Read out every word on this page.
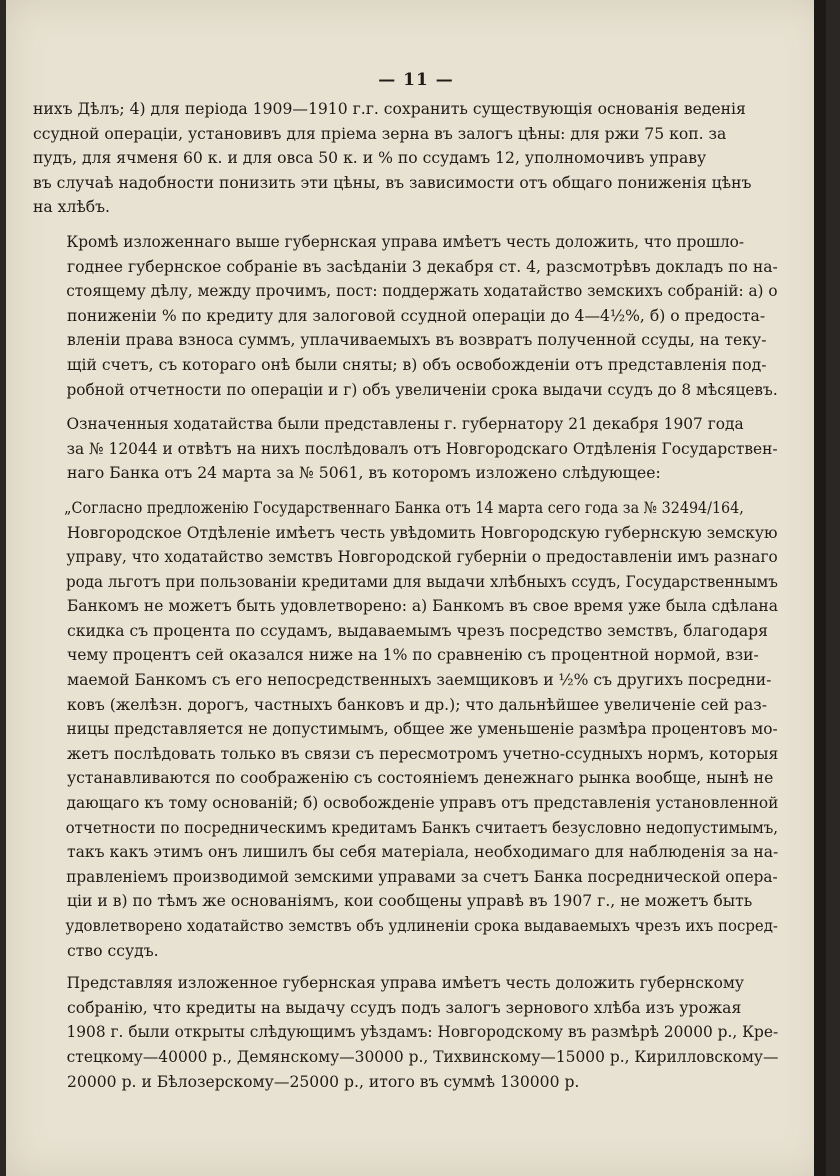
— 11 —

нихъ Дѣлъ; 4) для періода 1909—1910 г.г. сохранить существующія основанія веденія
ссудной операціи, установивъ для пріема зерна въ залогъ цѣны: для ржи 75 коп. за
пудъ, для ячменя 60 к. и для овса 50 к. и % по ссудамъ 12, уполномочивъ управу
въ случаѣ надобности понизить эти цѣны, въ зависимости отъ общаго пониженія цѣнъ
на хлѣбъ.

Кромѣ изложеннаго выше губернская управа имѣетъ честь доложить, что прошло-
годнее губернское собраніе въ засѣданіи 3 декабря ст. 4, разсмотрѣвъ докладъ по на-
стоящему дѣлу, между прочимъ, пост: поддержать ходатайство земскихъ собраній: а) о
пониженіи % по кредиту для залоговой ссудной операціи до 4—4½%, б) о предоста-
вленіи права взноса суммъ, уплачиваемыхъ въ возвратъ полученной ссуды, на теку-
щій счетъ, съ котораго онѣ были сняты; в) объ освобожденіи отъ представленія под-
робной отчетности по операціи и г) объ увеличеніи срока выдачи ссудъ до 8 мѣсяцевъ.

Означенныя ходатайства были представлены г. губернатору 21 декабря 1907 года
за № 12044 и отвѣтъ на нихъ послѣдовалъ отъ Новгородскаго Отдѣленія Государствен-
наго Банка отъ 24 марта за № 5061, въ которомъ изложено слѣдующее:

„Согласно предложенію Государственнаго Банка отъ 14 марта сего года за № 32494/164,
Новгородское Отдѣленіе имѣетъ честь увѣдомить Новгородскую губернскую земскую
управу, что ходатайство земствъ Новгородской губерніи о предоставленіи имъ разнаго
рода льготъ при пользованіи кредитами для выдачи хлѣбныхъ ссудъ, Государственнымъ
Банкомъ не можетъ быть удовлетворено: а) Банкомъ въ свое время уже была сдѣлана
скидка съ процента по ссудамъ, выдаваемымъ чрезъ посредство земствъ, благодаря
чему процентъ сей оказался ниже на 1% по сравненію съ процентной нормой, взи-
маемой Банкомъ съ его непосредственныхъ заемщиковъ и ½% съ другихъ посредни-
ковъ (желѣзн. дорогъ, частныхъ банковъ и др.); что дальнѣйшее увеличеніе сей раз-
ницы представляется не допустимымъ, общее же уменьшеніе размѣра процентовъ мо-
жетъ послѣдовать только въ связи съ пересмотромъ учетно-ссудныхъ нормъ, которыя
устанавливаются по соображенію съ состояніемъ денежнаго рынка вообще, нынѣ не
дающаго къ тому основаній; б) освобожденіе управъ отъ представленія установленной
отчетности по посредническимъ кредитамъ Банкъ считаетъ безусловно недопустимымъ,
такъ какъ этимъ онъ лишилъ бы себя матеріала, необходимаго для наблюденія за на-
правленіемъ производимой земскими управами за счетъ Банка посреднической опера-
ціи и в) по тѣмъ же основаніямъ, кои сообщены управѣ въ 1907 г., не можетъ быть
удовлетворено ходатайство земствъ объ удлиненіи срока выдаваемыхъ чрезъ ихъ посред-
ство ссудъ.

Представляя изложенное губернская управа имѣетъ честь доложить губернскому
собранію, что кредиты на выдачу ссудъ подъ залогъ зернового хлѣба изъ урожая
1908 г. были открыты слѣдующимъ уѣздамъ: Новгородскому въ размѣрѣ 20000 р., Кре-
стецкому—40000 р., Демянскому—30000 р., Тихвинскому—15000 р., Кирилловскому—
20000 р. и Бѣлозерскому—25000 р., итого въ суммѣ 130000 р.
